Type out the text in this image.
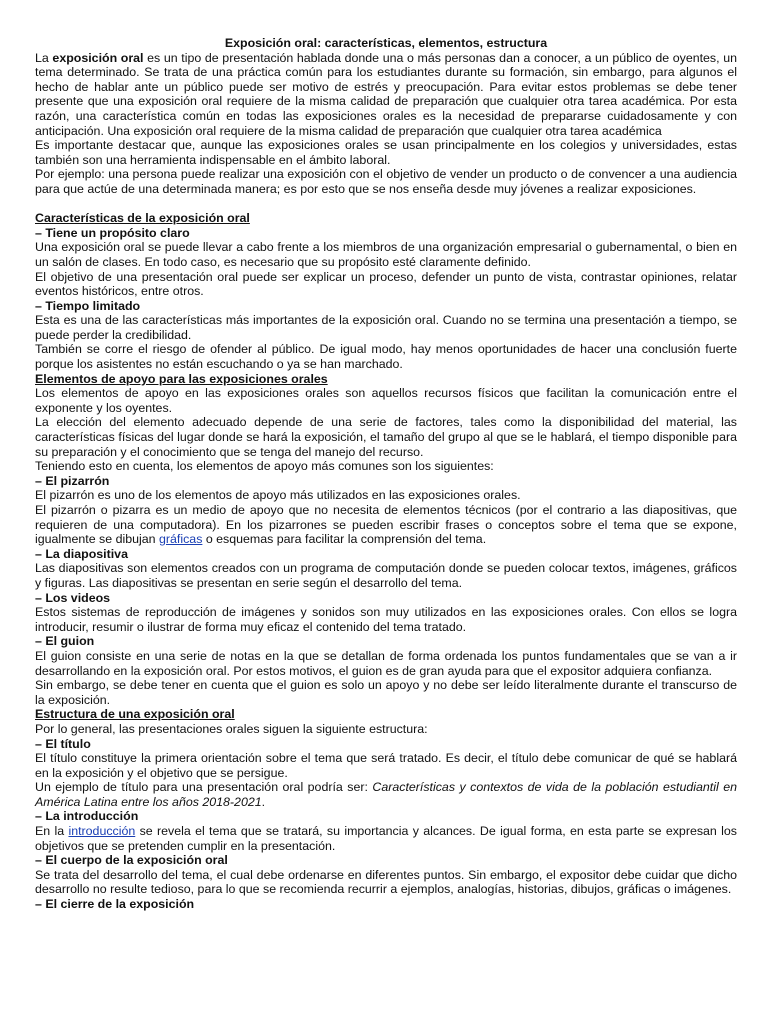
Exposición oral: características, elementos, estructura

La exposición oral es un tipo de presentación hablada donde una o más personas dan a conocer, a un público de oyentes, un tema determinado. Se trata de una práctica común para los estudiantes durante su formación, sin embargo, para algunos el hecho de hablar ante un público puede ser motivo de estrés y preocupación. Para evitar estos problemas se debe tener presente que una exposición oral requiere de la misma calidad de preparación que cualquier otra tarea académica. Por esta razón, una característica común en todas las exposiciones orales es la necesidad de prepararse cuidadosamente y con anticipación. Una exposición oral requiere de la misma calidad de preparación que cualquier otra tarea académica

Es importante destacar que, aunque las exposiciones orales se usan principalmente en los colegios y universidades, estas también son una herramienta indispensable en el ámbito laboral.

Por ejemplo: una persona puede realizar una exposición con el objetivo de vender un producto o de convencer a una audiencia para que actúe de una determinada manera; es por esto que se nos enseña desde muy jóvenes a realizar exposiciones.

Características de la exposición oral

– Tiene un propósito claro

Una exposición oral se puede llevar a cabo frente a los miembros de una organización empresarial o gubernamental, o bien en un salón de clases. En todo caso, es necesario que su propósito esté claramente definido.

El objetivo de una presentación oral puede ser explicar un proceso, defender un punto de vista, contrastar opiniones, relatar eventos históricos, entre otros.

– Tiempo limitado

Esta es una de las características más importantes de la exposición oral. Cuando no se termina una presentación a tiempo, se puede perder la credibilidad.

También se corre el riesgo de ofender al público. De igual modo, hay menos oportunidades de hacer una conclusión fuerte porque los asistentes no están escuchando o ya se han marchado.

Elementos de apoyo para las exposiciones orales

Los elementos de apoyo en las exposiciones orales son aquellos recursos físicos que facilitan la comunicación entre el exponente y los oyentes.

La elección del elemento adecuado depende de una serie de factores, tales como la disponibilidad del material, las características físicas del lugar donde se hará la exposición, el tamaño del grupo al que se le hablará, el tiempo disponible para su preparación y el conocimiento que se tenga del manejo del recurso.

Teniendo esto en cuenta, los elementos de apoyo más comunes son los siguientes:

– El pizarrón

El pizarrón es uno de los elementos de apoyo más utilizados en las exposiciones orales.

El pizarrón o pizarra es un medio de apoyo que no necesita de elementos técnicos (por el contrario a las diapositivas, que requieren de una computadora). En los pizarrones se pueden escribir frases o conceptos sobre el tema que se expone, igualmente se dibujan gráficas o esquemas para facilitar la comprensión del tema.

– La diapositiva

Las diapositivas son elementos creados con un programa de computación donde se pueden colocar textos, imágenes, gráficos y figuras. Las diapositivas se presentan en serie según el desarrollo del tema.

– Los videos

Estos sistemas de reproducción de imágenes y sonidos son muy utilizados en las exposiciones orales. Con ellos se logra introducir, resumir o ilustrar de forma muy eficaz el contenido del tema tratado.

– El guion

El guion consiste en una serie de notas en la que se detallan de forma ordenada los puntos fundamentales que se van a ir desarrollando en la exposición oral. Por estos motivos, el guion es de gran ayuda para que el expositor adquiera confianza.

Sin embargo, se debe tener en cuenta que el guion es solo un apoyo y no debe ser leído literalmente durante el transcurso de la exposición.

Estructura de una exposición oral

Por lo general, las presentaciones orales siguen la siguiente estructura:

– El título

El título constituye la primera orientación sobre el tema que será tratado. Es decir, el título debe comunicar de qué se hablará en la exposición y el objetivo que se persigue.

Un ejemplo de título para una presentación oral podría ser: Características y contextos de vida de la población estudiantil en América Latina entre los años 2018-2021.

– La introducción

En la introducción se revela el tema que se tratará, su importancia y alcances. De igual forma, en esta parte se expresan los objetivos que se pretenden cumplir en la presentación.

– El cuerpo de la exposición oral

Se trata del desarrollo del tema, el cual debe ordenarse en diferentes puntos. Sin embargo, el expositor debe cuidar que dicho desarrollo no resulte tedioso, para lo que se recomienda recurrir a ejemplos, analogías, historias, dibujos, gráficas o imágenes.

– El cierre de la exposición
